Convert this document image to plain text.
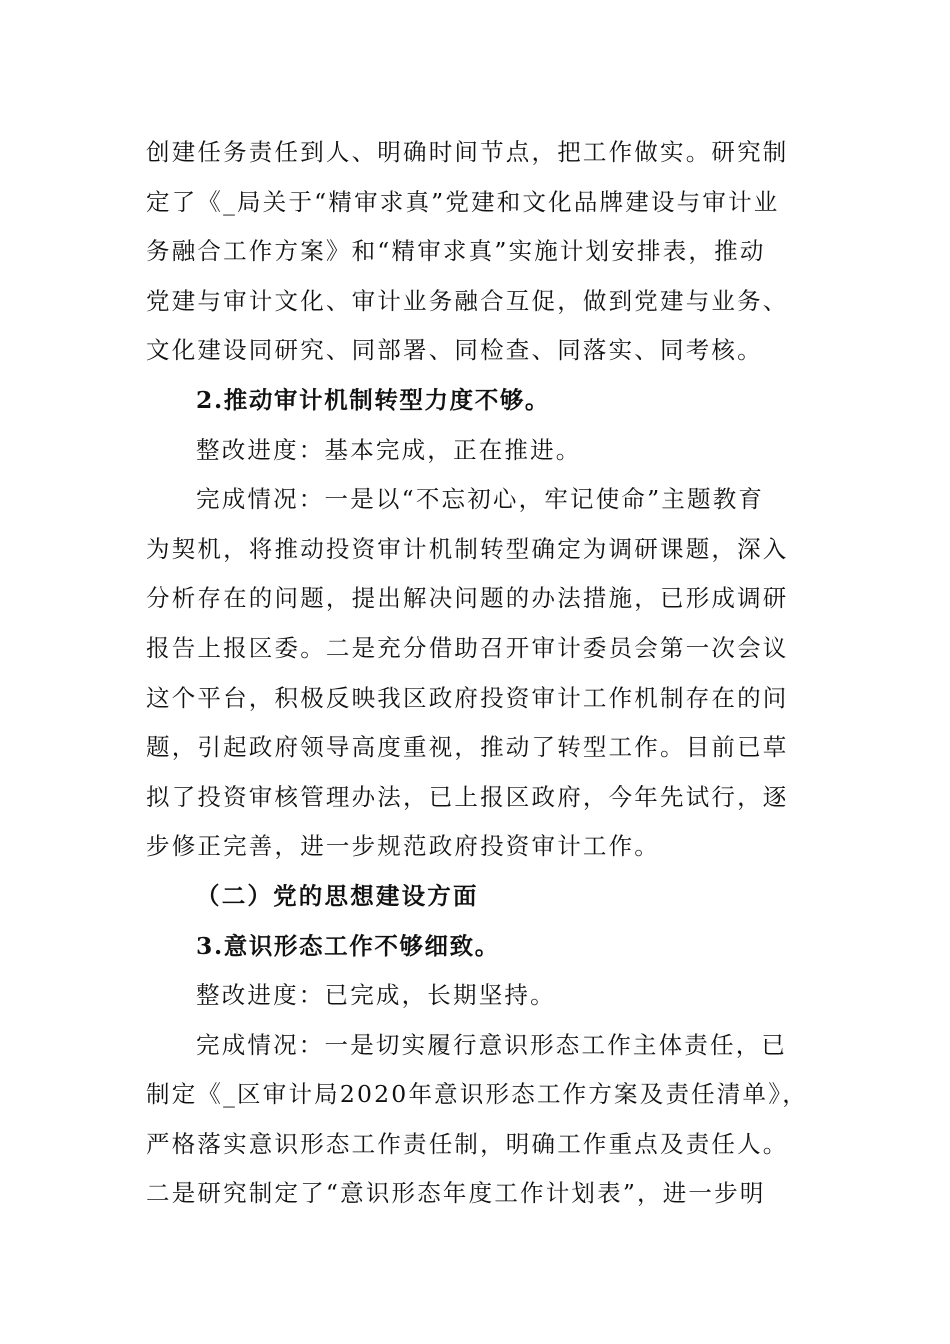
创建任务责任到人、明确时间节点，把工作做实。研究制
定了《_局关于“精审求真”党建和文化品牌建设与审计业
务融合工作方案》和“精审求真”实施计划安排表，推动
党建与审计文化、审计业务融合互促，做到党建与业务、
文化建设同研究、同部署、同检查、同落实、同考核。
2.推动审计机制转型力度不够。
整改进度：基本完成，正在推进。
完成情况：一是以“不忘初心，牢记使命”主题教育
为契机，将推动投资审计机制转型确定为调研课题，深入
分析存在的问题，提出解决问题的办法措施，已形成调研
报告上报区委。二是充分借助召开审计委员会第一次会议
这个平台，积极反映我区政府投资审计工作机制存在的问
题，引起政府领导高度重视，推动了转型工作。目前已草
拟了投资审核管理办法，已上报区政府，今年先试行，逐
步修正完善，进一步规范政府投资审计工作。
（二）党的思想建设方面
3.意识形态工作不够细致。
整改进度：已完成，长期坚持。
完成情况：一是切实履行意识形态工作主体责任，已
制定《_区审计局2020年意识形态工作方案及责任清单》，
严格落实意识形态工作责任制，明确工作重点及责任人。
二是研究制定了“意识形态年度工作计划表”，进一步明
